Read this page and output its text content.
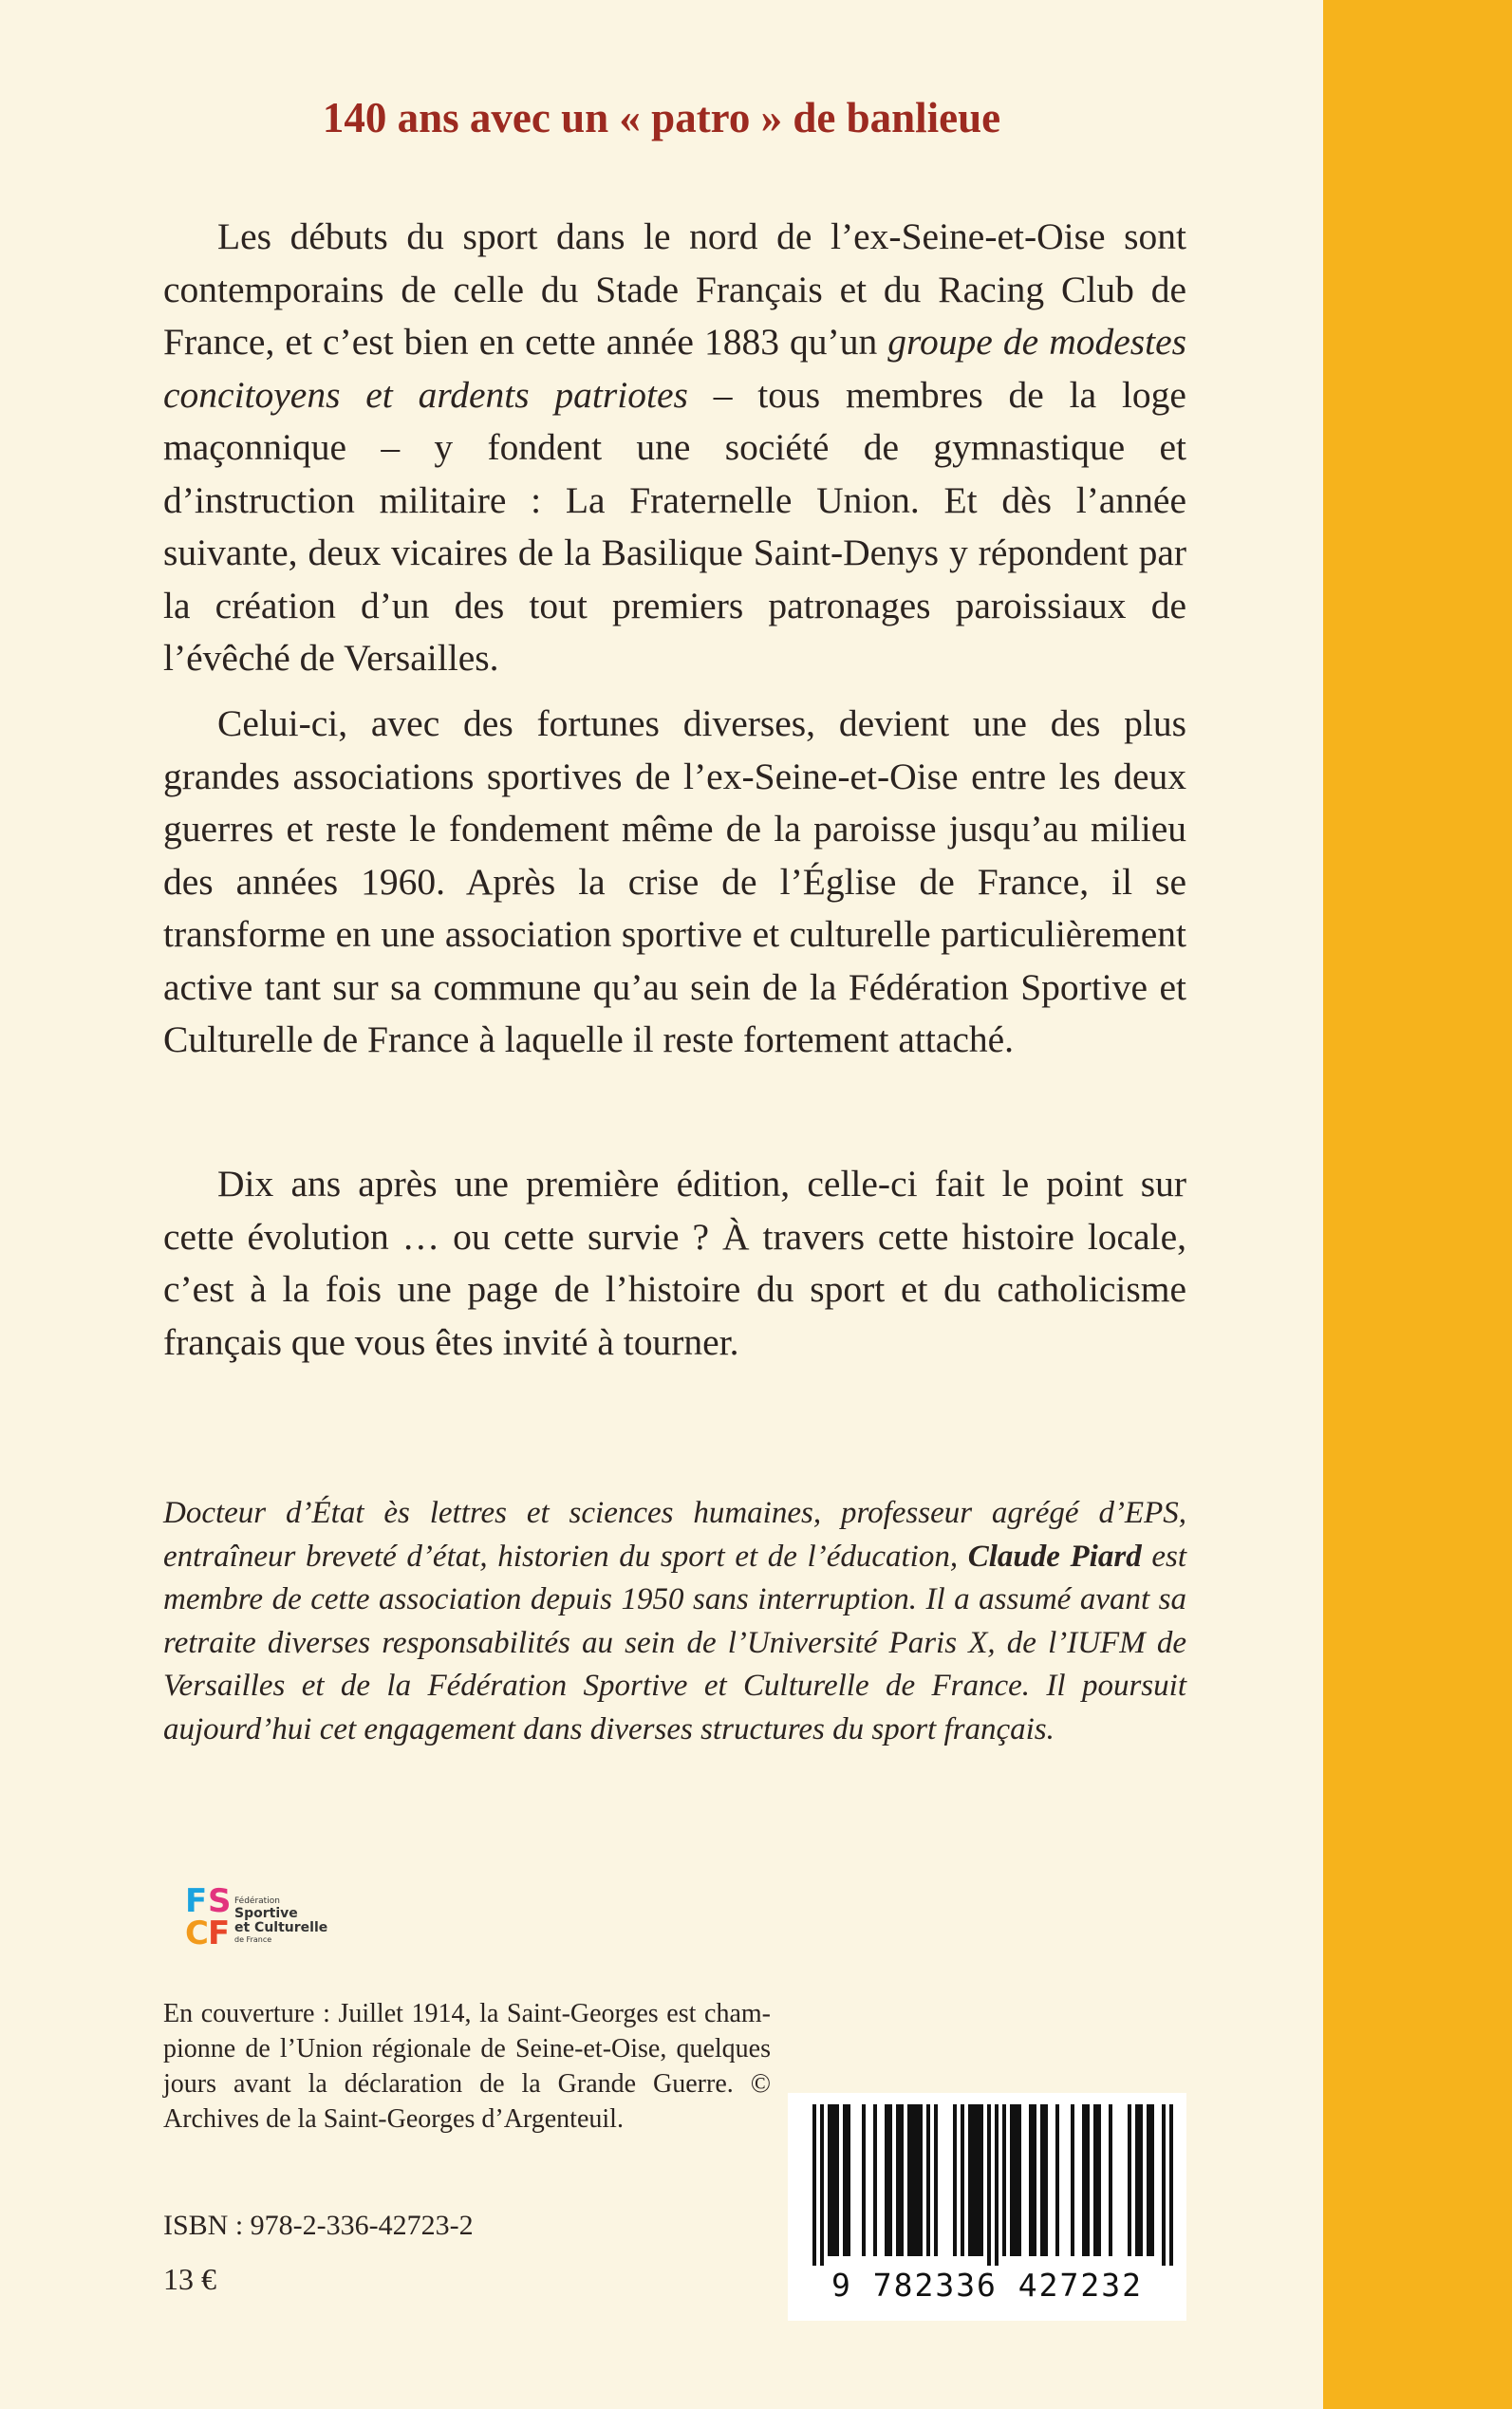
140 ans avec un « patro » de banlieue
Les débuts du sport dans le nord de l’ex-Seine-et-Oise sont contemporains de celle du Stade Français et du Racing Club de France, et c’est bien en cette année 1883 qu’un groupe de modestes concitoyens et ardents patriotes – tous membres de la loge maçonnique – y fondent une société de gymnastique et d’instruction militaire : La Fraternelle Union. Et dès l’année suivante, deux vicaires de la Basilique Saint-Denys y répondent par la création d’un des tout premiers patronages paroissiaux de l’évêché de Versailles.
Celui-ci, avec des fortunes diverses, devient une des plus grandes associations sportives de l’ex-Seine-et-Oise entre les deux guerres et reste le fondement même de la paroisse jusqu’au milieu des années 1960. Après la crise de l’Église de France, il se transforme en une association sportive et culturelle particulièrement active tant sur sa commune qu’au sein de la Fédération Sportive et Culturelle de France à laquelle il reste fortement attaché.
Dix ans après une première édition, celle-ci fait le point sur cette évolution … ou cette survie ? À travers cette histoire locale, c’est à la fois une page de l’histoire du sport et du catholicisme français que vous êtes invité à tourner.
Docteur d’État ès lettres et sciences humaines, professeur agrégé d’EPS, entraîneur breveté d’état, historien du sport et de l’éducation, Claude Piard est membre de cette association depuis 1950 sans interruption. Il a assumé avant sa retraite diverses responsabilités au sein de l’Université Paris X, de l’IUFM de Versailles et de la Fédération Sportive et Culturelle de France. Il poursuit aujourd’hui cet engagement dans diverses structures du sport français.
F S
C F
Fédération
Sportive
et Culturelle
de France
En couverture : Juillet 1914, la Saint-Georges est cham- pionne de l’Union régionale de Seine-et-Oise, quelques jours avant la déclaration de la Grande Guerre. © Archives de la Saint-Georges d’Argenteuil.
ISBN : 978-2-336-42723-2
13 €	9 782336 427232
